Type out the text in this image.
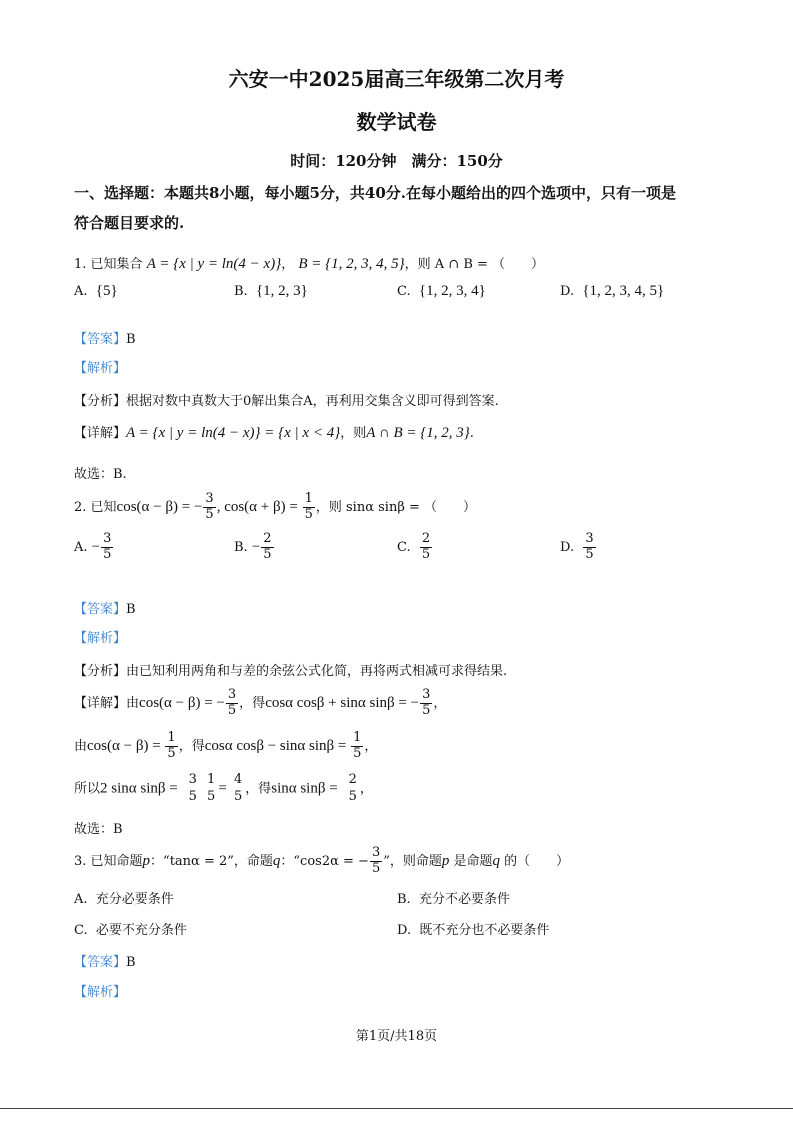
六安一中2025届高三年级第二次月考
数学试卷
时间：120分钟　满分：150分
一、选择题：本题共8小题，每小题5分，共40分.在每小题给出的四个选项中，只有一项是
符合题目要求的.
1. 已知集合 A = {x | y = ln(4 − x)}， B = {1, 2, 3, 4, 5}，则 A ∩ B = （　　）
A. {5}	B. {1, 2, 3}	C. {1, 2, 3, 4}	D. {1, 2, 3, 4, 5}
【答案】B
【解析】
【分析】根据对数中真数大于0解出集合A，再利用交集含义即可得到答案.
【详解】A = {x | y = ln(4 − x)} = {x | x < 4}，则A ∩ B = {1, 2, 3}.
故选：B.
2. 已知cos(α − β) = − $\frac{3}{5}$ , $\cos(\alpha + \beta) = \frac{1}{5}$ ，则 sinα sinβ = （　　）
A. − $\frac{3}{5}$	B. − $\frac{2}{5}$	C. $\frac{2}{5}$	D. $\frac{3}{5}$
【答案】B
【解析】
【分析】由已知利用两角和与差的余弦公式化简，再将两式相减可求得结果.
【详解】由cos(α − β) = − $\frac{3}{5}$ ，得cosα cosβ + sinα sinβ = − $\frac{3}{5}$ ，
由$\cos(\alpha - \beta) = \frac{1}{5}$ ，得cosα cosβ − sinα $\sin\beta = \frac{1}{5}$ ，
所以2 sinα sinβ =
3
5

1
5 =
4
5 ，得sinα sinβ =
2
5 ，
故选：B
3. 已知命题p：“tanα = 2”，命题q：“cos2α = − $\frac{3}{5}$ ”，则命题p 是命题q 的（　　）
A. 充分必要条件	B. 充分不必要条件
C. 必要不充分条件	D. 既不充分也不必要条件
【答案】B
【解析】
第1页/共18页
